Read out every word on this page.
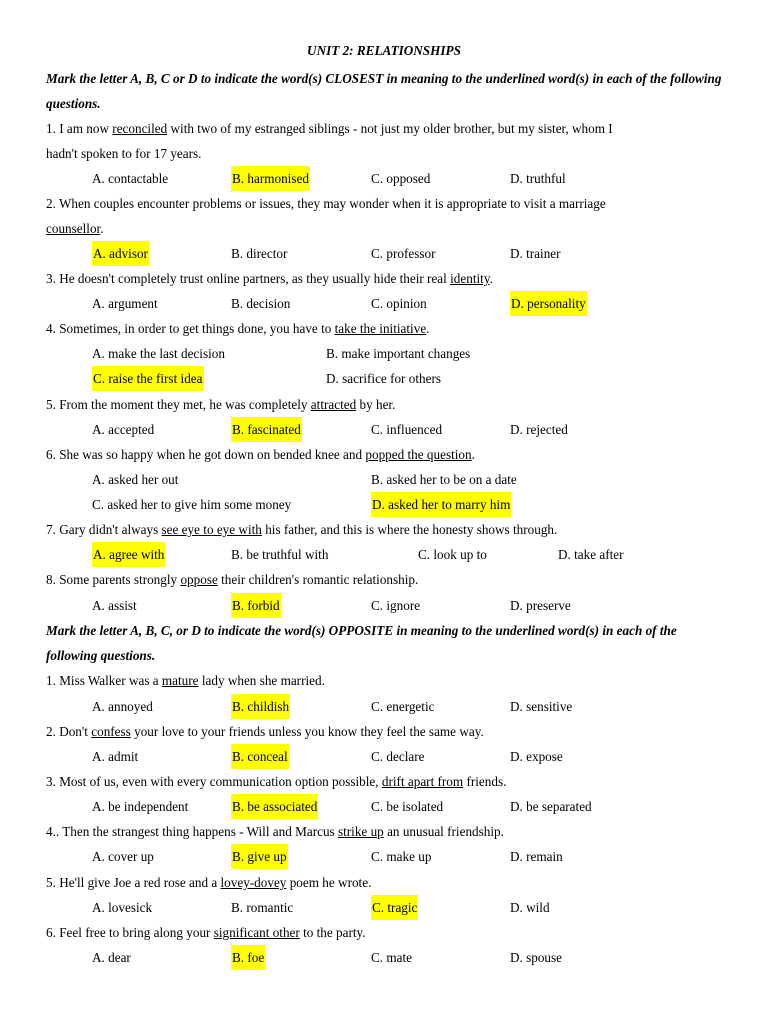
UNIT 2: RELATIONSHIPS
Mark the letter A, B, C or D to indicate the word(s) CLOSEST in meaning to the underlined word(s) in each of the following questions.
1. I am now reconciled with two of my estranged siblings - not just my older brother, but my sister, whom I
hadn't spoken to for 17 years.
A. contactable	B. harmonised	C. opposed	D. truthful
2. When couples encounter problems or issues, they may wonder when it is appropriate to visit a marriage
counsellor.
A. advisor	B. director	C. professor	D. trainer
3. He doesn't completely trust online partners, as they usually hide their real identity.
A. argument	B. decision	C. opinion	D. personality
4. Sometimes, in order to get things done, you have to take the initiative.
A. make the last decision	B. make important changes
C. raise the first idea	D. sacrifice for others
5. From the moment they met, he was completely attracted by her.
A. accepted	B. fascinated	C. influenced	D. rejected
6. She was so happy when he got down on bended knee and popped the question.
A. asked her out	B. asked her to be on a date
C. asked her to give him some money	D. asked her to marry him
7. Gary didn't always see eye to eye with his father, and this is where the honesty shows through.
A. agree with	B. be truthful with	C. look up to	D. take after
8. Some parents strongly oppose their children's romantic relationship.
A. assist	B. forbid	C. ignore	D. preserve
Mark the letter A, B, C, or D to indicate the word(s) OPPOSITE in meaning to the underlined word(s) in each of the following questions.
1. Miss Walker was a mature lady when she married.
A. annoyed	B. childish	C. energetic	D. sensitive
2. Don't confess your love to your friends unless you know they feel the same way.
A. admit	B. conceal	C. declare	D. expose
3. Most of us, even with every communication option possible, drift apart from friends.
A. be independent	B. be associated	C. be isolated	D. be separated
4.. Then the strangest thing happens - Will and Marcus strike up an unusual friendship.
A. cover up	B. give up	C. make up	D. remain
5. He'll give Joe a red rose and a lovey-dovey poem he wrote.
A. lovesick	B. romantic	C. tragic	D. wild
6. Feel free to bring along your significant other to the party.
A. dear	B. foe	C. mate	D. spouse
